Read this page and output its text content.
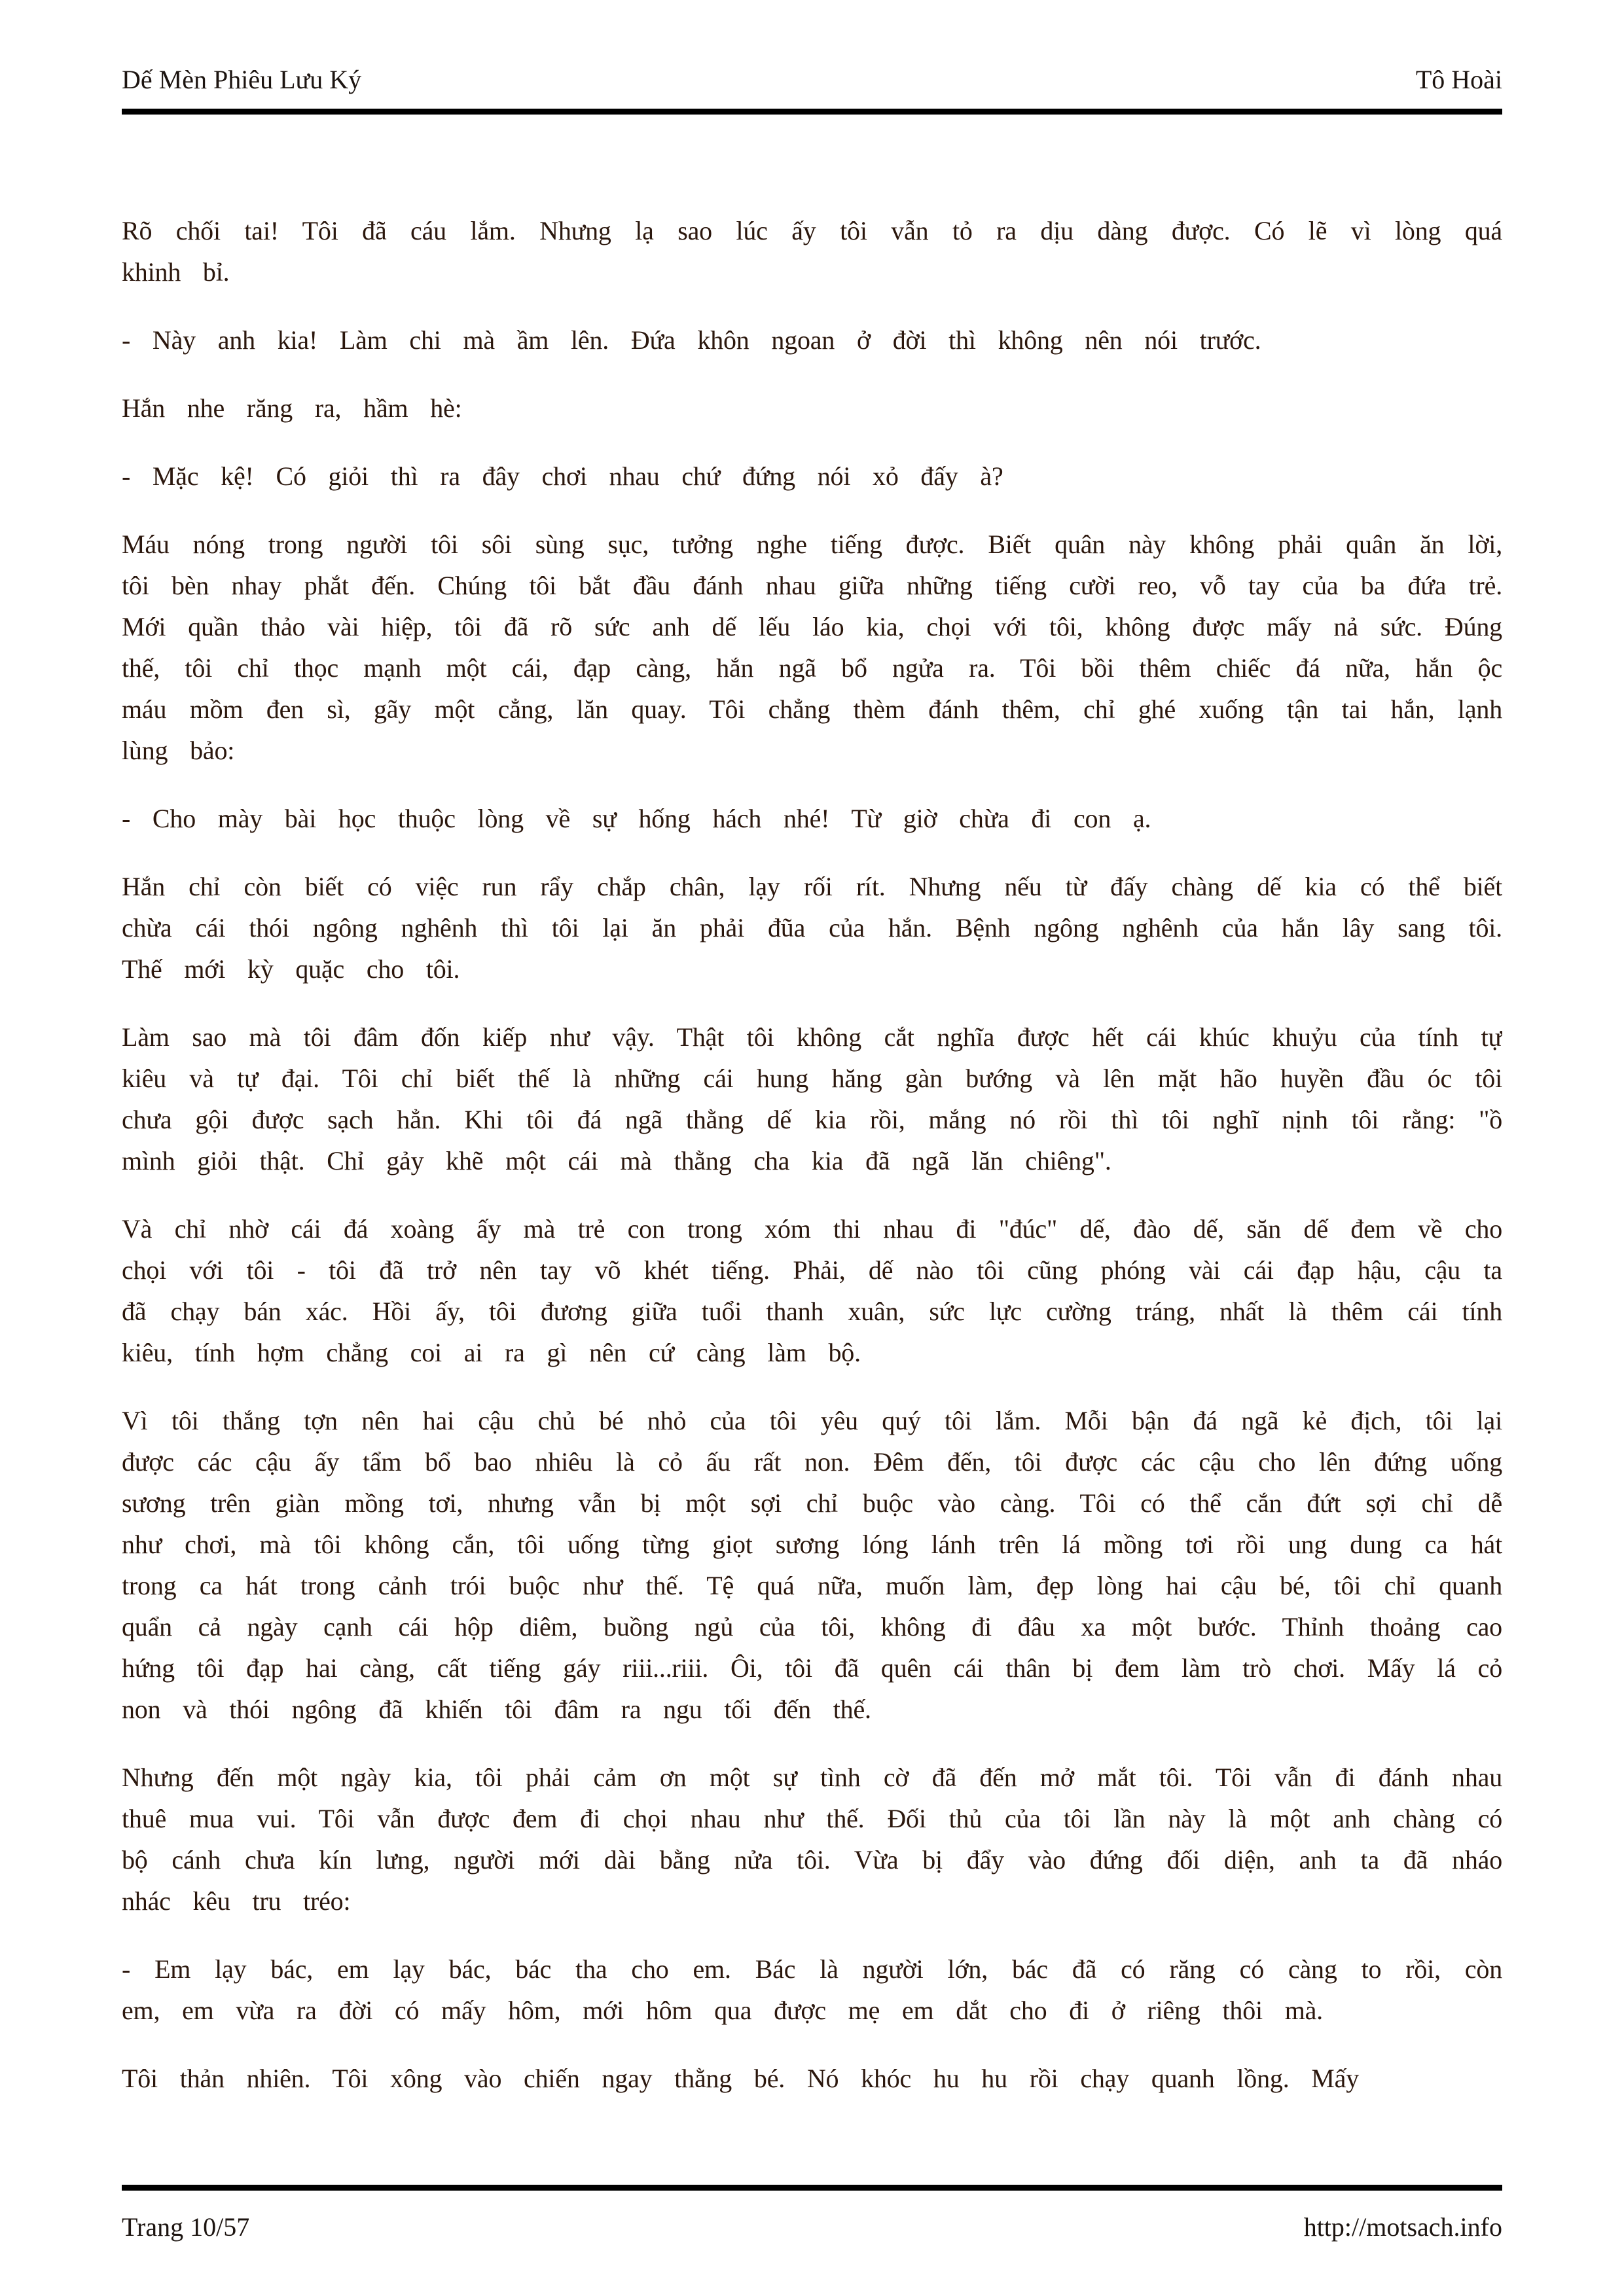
Dế Mèn Phiêu Lưu Ký	Tô Hoài

Rõ chối tai! Tôi đã cáu lắm. Nhưng lạ sao lúc ấy tôi vẫn tỏ ra dịu dàng được. Có lẽ vì lòng quá khinh bỉ.

- Này anh kia! Làm chi mà ầm lên. Đứa khôn ngoan ở đời thì không nên nói trước.

Hắn nhe răng ra, hầm hè:

- Mặc kệ! Có giỏi thì ra đây chơi nhau chứ đứng nói xỏ đấy à?

Máu nóng trong người tôi sôi sùng sục, tưởng nghe tiếng được. Biết quân này không phải quân ăn lời, tôi bèn nhay phắt đến. Chúng tôi bắt đầu đánh nhau giữa những tiếng cười reo, vỗ tay của ba đứa trẻ. Mới quần thảo vài hiệp, tôi đã rõ sức anh dế lếu láo kia, chọi với tôi, không được mấy nả sức. Đúng thế, tôi chỉ thọc mạnh một cái, đạp càng, hắn ngã bổ ngửa ra. Tôi bồi thêm chiếc đá nữa, hắn ộc máu mồm đen sì, gãy một cẳng, lăn quay. Tôi chẳng thèm đánh thêm, chỉ ghé xuống tận tai hắn, lạnh lùng bảo:

- Cho mày bài học thuộc lòng về sự hống hách nhé! Từ giờ chừa đi con ạ.

Hắn chỉ còn biết có việc run rẩy chắp chân, lạy rối rít. Nhưng nếu từ đấy chàng dế kia có thể biết chừa cái thói ngông nghênh thì tôi lại ăn phải đũa của hắn. Bệnh ngông nghênh của hắn lây sang tôi. Thế mới kỳ quặc cho tôi.

Làm sao mà tôi đâm đốn kiếp như vậy. Thật tôi không cắt nghĩa được hết cái khúc khuỷu của tính tự kiêu và tự đại. Tôi chỉ biết thế là những cái hung hăng gàn bướng và lên mặt hão huyền đầu óc tôi chưa gội được sạch hẳn. Khi tôi đá ngã thằng dế kia rồi, mắng nó rồi thì tôi nghĩ nịnh tôi rằng: "ồ mình giỏi thật. Chỉ gảy khẽ một cái mà thằng cha kia đã ngã lăn chiêng".

Và chỉ nhờ cái đá xoàng ấy mà trẻ con trong xóm thi nhau đi "đúc" dế, đào dế, săn dế đem về cho chọi với tôi - tôi đã trở nên tay võ khét tiếng. Phải, dế nào tôi cũng phóng vài cái đạp hậu, cậu ta đã chạy bán xác. Hồi ấy, tôi đương giữa tuổi thanh xuân, sức lực cường tráng, nhất là thêm cái tính kiêu, tính hợm chẳng coi ai ra gì nên cứ càng làm bộ.

Vì tôi thắng tợn nên hai cậu chủ bé nhỏ của tôi yêu quý tôi lắm. Mỗi bận đá ngã kẻ địch, tôi lại được các cậu ấy tẩm bổ bao nhiêu là cỏ ấu rất non. Đêm đến, tôi được các cậu cho lên đứng uống sương trên giàn mồng tơi, nhưng vẫn bị một sợi chỉ buộc vào càng. Tôi có thể cắn đứt sợi chỉ dễ như chơi, mà tôi không cắn, tôi uống từng giọt sương lóng lánh trên lá mồng tơi rồi ung dung ca hát trong ca hát trong cảnh trói buộc như thế. Tệ quá nữa, muốn làm, đẹp lòng hai cậu bé, tôi chỉ quanh quẩn cả ngày cạnh cái hộp diêm, buồng ngủ của tôi, không đi đâu xa một bước. Thỉnh thoảng cao hứng tôi đạp hai càng, cất tiếng gáy riii...riii. Ôi, tôi đã quên cái thân bị đem làm trò chơi. Mấy lá cỏ non và thói ngông đã khiến tôi đâm ra ngu tối đến thế.

Nhưng đến một ngày kia, tôi phải cảm ơn một sự tình cờ đã đến mở mắt tôi. Tôi vẫn đi đánh nhau thuê mua vui. Tôi vẫn được đem đi chọi nhau như thế. Đối thủ của tôi lần này là một anh chàng có bộ cánh chưa kín lưng, người mới dài bằng nửa tôi. Vừa bị đẩy vào đứng đối diện, anh ta đã nháo nhác kêu tru tréo:

- Em lạy bác, em lạy bác, bác tha cho em. Bác là người lớn, bác đã có răng có càng to rồi, còn em, em vừa ra đời có mấy hôm, mới hôm qua được mẹ em dắt cho đi ở riêng thôi mà.

Tôi thản nhiên. Tôi xông vào chiến ngay thằng bé. Nó khóc hu hu rồi chạy quanh lồng. Mấy

Trang 10/57	http://motsach.info
